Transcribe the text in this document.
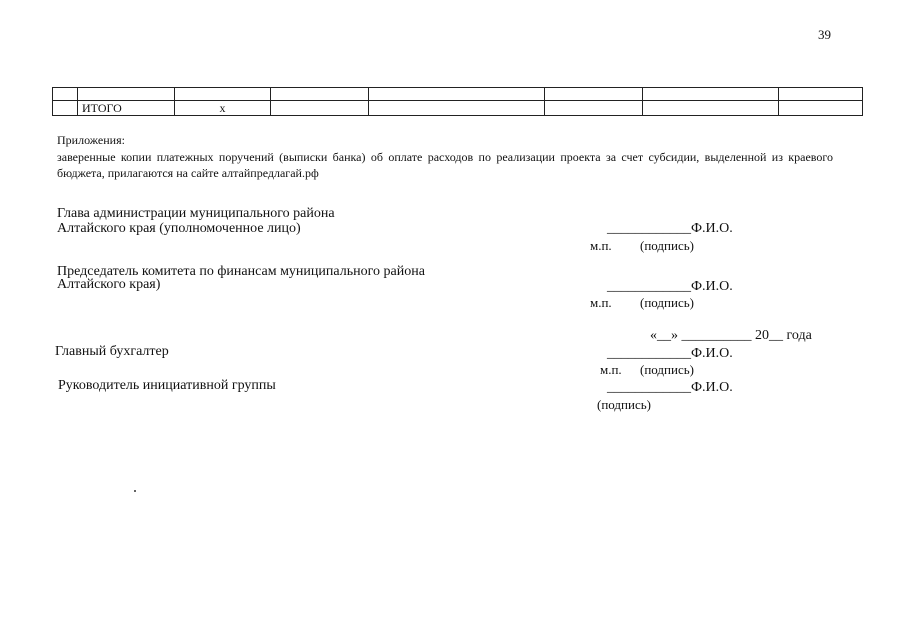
39

	ИТОГО	х					
Приложения:
заверенные копии платежных поручений (выписки банка) об оплате расходов по реализации проекта за счет субсидии, выделенной из краевого бюджета, прилагаются на сайте алтайпредлагай.рф
Глава администрации муниципального района
Алтайского края (уполномоченное лицо)	____________Ф.И.О.
м.п. (подпись)
Председатель комитета по финансам муниципального района
Алтайского края)	____________Ф.И.О.
м.п. (подпись)
«__» __________ 20__ года
Главный бухгалтер	____________Ф.И.О.
м.п. (подпись)
Руководитель инициативной группы	____________Ф.И.О.
(подпись)
